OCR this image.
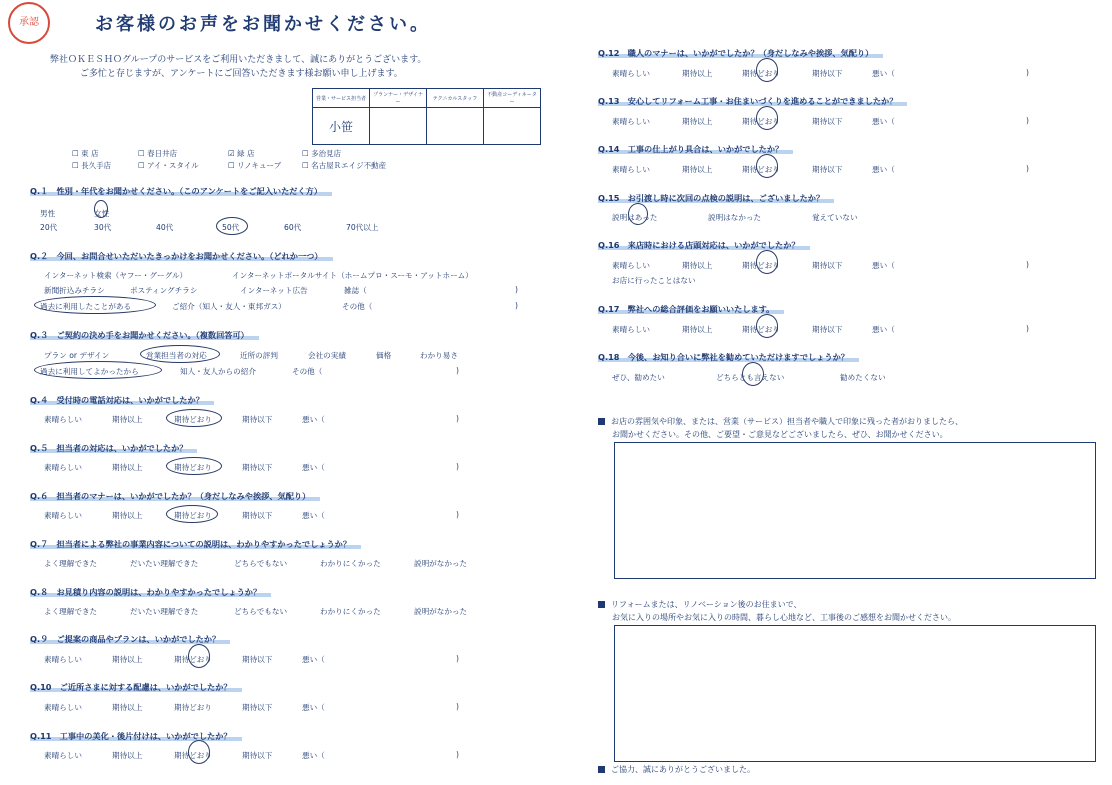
承認	お客様のお声をお聞かせください。
弊社ＯＫＥＳＨＯグループのサービスをご利用いただきまして、誠にありがとうございます。
ご多忙と存じますが、アンケートにご回答いただきます様お願い申し上げます。
営業・サービス担当者	プランナー・デザイナー	テクニカルスタッフ	不動産コーディネーター
小笹			
☐ 東 店	☐ 春日井店	☑ 緑 店	☐ 多治見店
☐ 長久手店	☐ アイ・スタイル	☐ リノキューブ	☐ 名古屋Ｒエイジ不動産
Q.１　性別・年代をお聞かせください。（このアンケートをご記入いただく方）
男性	女性
20代	30代	40代	50代	60代	70代以上
Q.２　今回、お問合せいただいたきっかけをお聞かせください。（どれか一つ）
インターネット検索（ヤフー・グーグル）	インターネットポータルサイト（ホームプロ・スーモ・アットホーム）
新聞折込みチラシ	ポスティングチラシ	インターネット広告	雑誌（	)
過去に利用したことがある	ご紹介（知人・友人・東邦ガス）	その他（	)
Q.３　ご契約の決め手をお聞かせください。（複数回答可）
プラン or デザイン	営業担当者の対応	近所の評判	会社の実績	価格	わかり易さ
過去に利用してよかったから	知人・友人からの紹介	その他（	)
Q.４　受付時の電話対応は、いかがでしたか？
素晴らしい	期待以上	期待どおり	期待以下	悪い（	)
Q.５　担当者の対応は、いかがでしたか？
素晴らしい	期待以上	期待どおり	期待以下	悪い（	)
Q.６　担当者のマナーは、いかがでしたか？（身だしなみや挨拶、気配り）
素晴らしい	期待以上	期待どおり	期待以下	悪い（	)
Q.７　担当者による弊社の事業内容についての説明は、わかりやすかったでしょうか？
よく理解できた	だいたい理解できた	どちらでもない	わかりにくかった	説明がなかった
Q.８　お見積り内容の説明は、わかりやすかったでしょうか？
よく理解できた	だいたい理解できた	どちらでもない	わかりにくかった	説明がなかった
Q.９　ご提案の商品やプランは、いかがでしたか？
素晴らしい	期待以上	期待どおり	期待以下	悪い（	)
Q.10　ご近所さまに対する配慮は、いかがでしたか？
素晴らしい	期待以上	期待どおり	期待以下	悪い（	)
Q.11　工事中の美化・後片付けは、いかがでしたか？
素晴らしい	期待以上	期待どおり	期待以下	悪い（	)
Q.12　職人のマナーは、いかがでしたか？（身だしなみや挨拶、気配り）
素晴らしい	期待以上	期待どおり	期待以下	悪い（	)
Q.13　安心してリフォーム工事・お住まいづくりを進めることができましたか？
素晴らしい	期待以上	期待どおり	期待以下	悪い（	)
Q.14　工事の仕上がり具合は、いかがでしたか？
素晴らしい	期待以上	期待どおり	期待以下	悪い（	)
Q.15　お引渡し時に次回の点検の説明は、ございましたか？
説明はあった	説明はなかった	覚えていない
Q.16　来店時における店頭対応は、いかがでしたか？
素晴らしい	期待以上	期待どおり	期待以下	悪い（	)
お店に行ったことはない
Q.17　弊社への総合評価をお願いいたします。
素晴らしい	期待以上	期待どおり	期待以下	悪い（	)
Q.18　今後、お知り合いに弊社を勧めていただけますでしょうか？
ぜひ、勧めたい	どちらとも言えない	勧めたくない
お店の雰囲気や印象、または、営業（サービス）担当者や職人で印象に残った者がおりましたら、
お聞かせください。その他、ご要望・ご意見などございましたら、ぜひ、お聞かせください。
リフォームまたは、リノベーション後のお住まいで、
お気に入りの場所やお気に入りの時間、暮らし心地など、工事後のご感想をお聞かせください。
ご協力、誠にありがとうございました。
